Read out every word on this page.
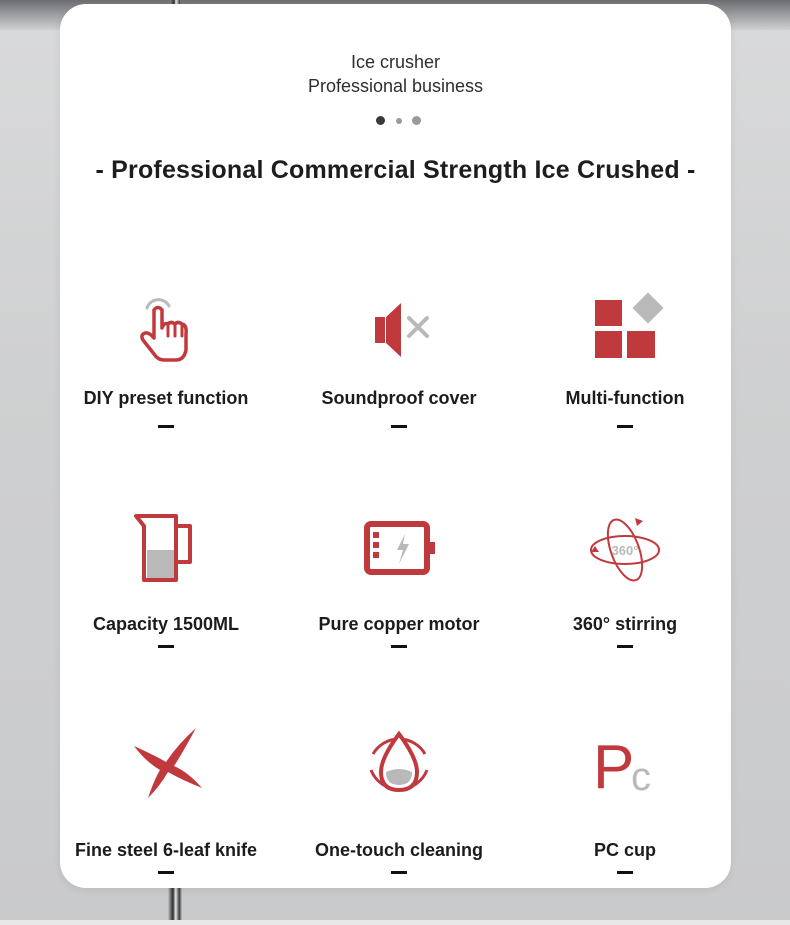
Ice crusher
Professional business
- Professional Commercial Strength Ice Crushed -
DIY preset function	Soundproof cover	Multi-function
Capacity 1500ML	Pure copper motor
360°
360° stirring
Fine steel 6-leaf knife	One-touch cleaning
P
c
PC cup
